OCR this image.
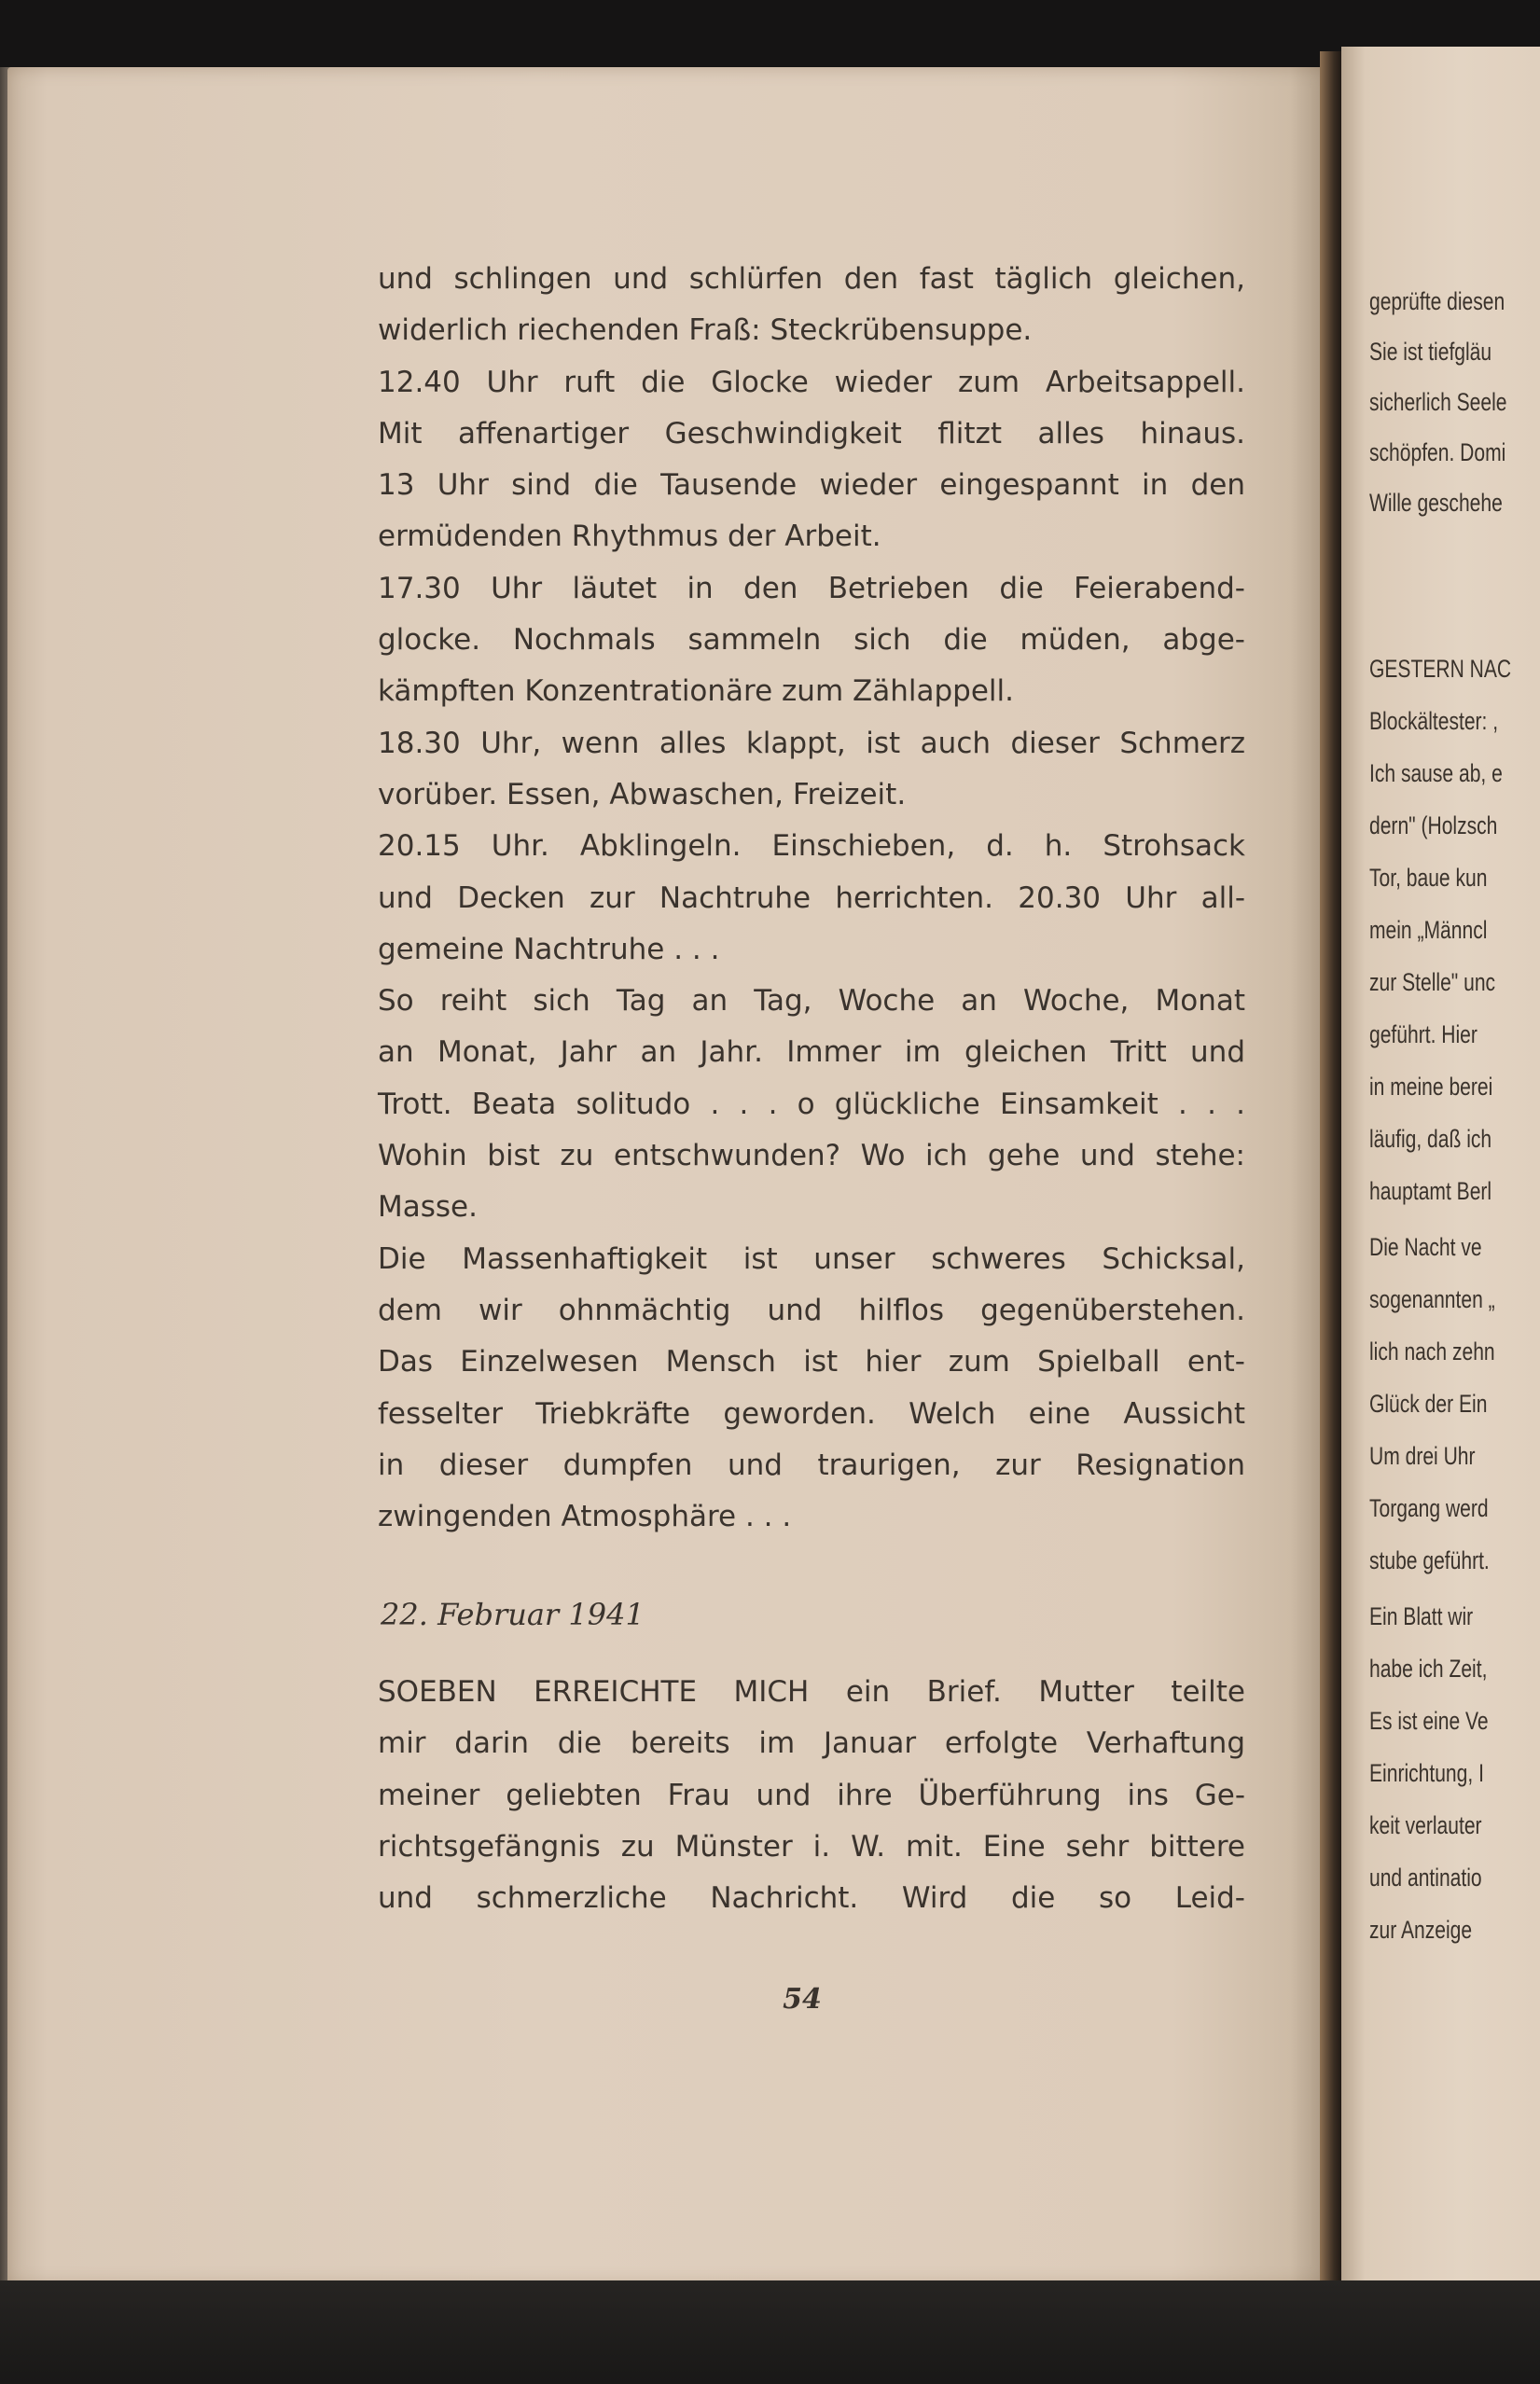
geprüfte diesen
Sie ist tiefgläu
sicherlich Seele
schöpfen. Domi
Wille geschehe
GESTERN NAC
Blockältester: ,
Ich sause ab, e
dern" (Holzsch
Tor, baue kun
mein „Männcl
zur Stelle" unc
geführt. Hier
in meine berei
läufig, daß ich
hauptamt Berl
Die Nacht ve
sogenannten „
lich nach zehn
Glück der Ein
Um drei Uhr
Torgang werd
stube geführt.
Ein Blatt wir
habe ich Zeit,
Es ist eine Ve
Einrichtung, I
keit verlauter
und antinatio
zur Anzeige
und schlingen und schlürfen den fast täglich gleichen,
widerlich riechenden Fraß: Steckrübensuppe.
12.40 Uhr ruft die Glocke wieder zum Arbeitsappell.
Mit affenartiger Geschwindigkeit flitzt alles hinaus.
13 Uhr sind die Tausende wieder eingespannt in den
ermüdenden Rhythmus der Arbeit.
17.30 Uhr läutet in den Betrieben die Feierabend-
glocke. Nochmals sammeln sich die müden, abge-
kämpften Konzentrationäre zum Zählappell.
18.30 Uhr, wenn alles klappt, ist auch dieser Schmerz
vorüber. Essen, Abwaschen, Freizeit.
20.15 Uhr. Abklingeln. Einschieben, d. h. Strohsack
und Decken zur Nachtruhe herrichten. 20.30 Uhr all-
gemeine Nachtruhe . . .
So reiht sich Tag an Tag, Woche an Woche, Monat
an Monat, Jahr an Jahr. Immer im gleichen Tritt und
Trott. Beata solitudo . . . o glückliche Einsamkeit . . .
Wohin bist zu entschwunden? Wo ich gehe und stehe:
Masse.
Die Massenhaftigkeit ist unser schweres Schicksal,
dem wir ohnmächtig und hilflos gegenüberstehen.
Das Einzelwesen Mensch ist hier zum Spielball ent-
fesselter Triebkräfte geworden. Welch eine Aussicht
in dieser dumpfen und traurigen, zur Resignation
zwingenden Atmosphäre . . .
22. Februar 1941
SOEBEN ERREICHTE MICH ein Brief. Mutter teilte
mir darin die bereits im Januar erfolgte Verhaftung
meiner geliebten Frau und ihre Überführung ins Ge-
richtsgefängnis zu Münster i. W. mit. Eine sehr bittere
und schmerzliche Nachricht. Wird die so Leid-
54
